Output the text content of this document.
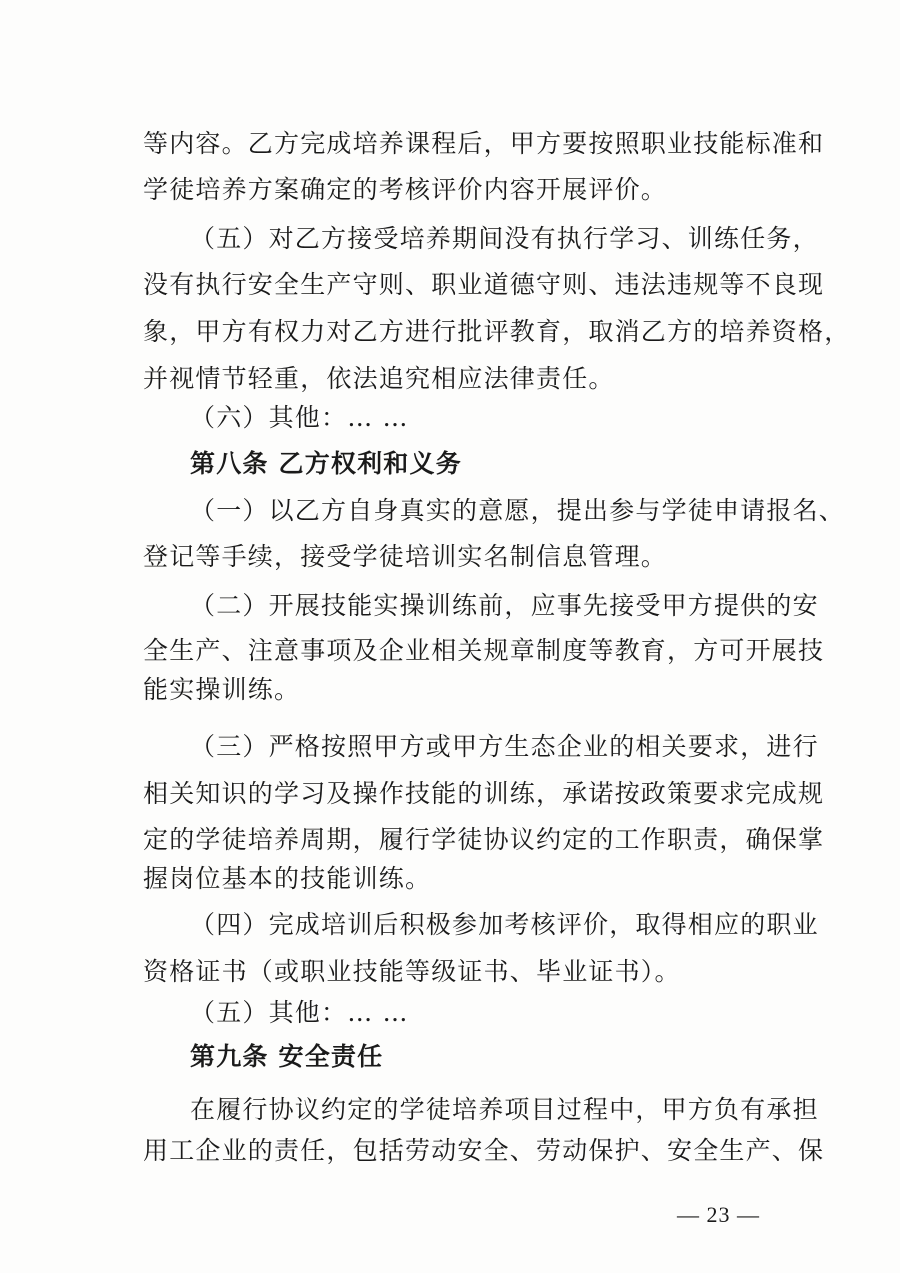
等内容。乙方完成培养课程后，甲方要按照职业技能标准和
学徒培养方案确定的考核评价内容开展评价。
（五）对乙方接受培养期间没有执行学习、训练任务，
没有执行安全生产守则、职业道德守则、违法违规等不良现
象，甲方有权力对乙方进行批评教育，取消乙方的培养资格，
并视情节轻重，依法追究相应法律责任。
（六）其他：… …
第八条 乙方权利和义务
（一）以乙方自身真实的意愿，提出参与学徒申请报名、
登记等手续，接受学徒培训实名制信息管理。
（二）开展技能实操训练前，应事先接受甲方提供的安
全生产、注意事项及企业相关规章制度等教育，方可开展技
能实操训练。
（三）严格按照甲方或甲方生态企业的相关要求，进行
相关知识的学习及操作技能的训练，承诺按政策要求完成规
定的学徒培养周期，履行学徒协议约定的工作职责，确保掌
握岗位基本的技能训练。
（四）完成培训后积极参加考核评价，取得相应的职业
资格证书（或职业技能等级证书、毕业证书）。
（五）其他：… …
第九条 安全责任
在履行协议约定的学徒培养项目过程中，甲方负有承担
用工企业的责任，包括劳动安全、劳动保护、安全生产、保
— 23 —
